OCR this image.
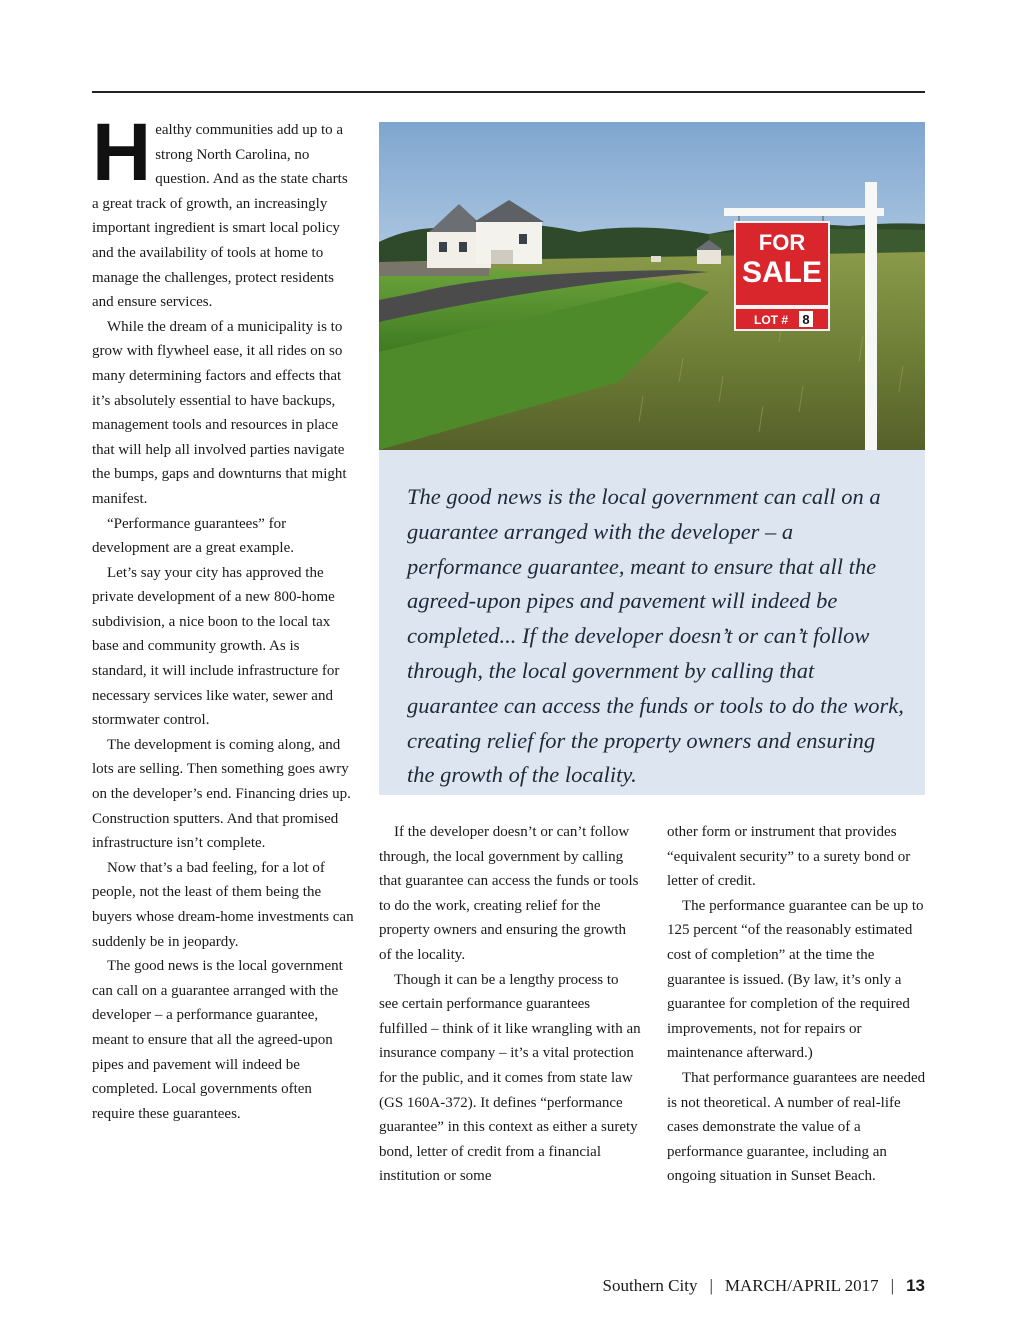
Healthy communities add up to a strong North Carolina, no question. And as the state charts a great track of growth, an increasingly important ingredient is smart local policy and the availability of tools at home to manage the challenges, protect residents and ensure services.

While the dream of a municipality is to grow with flywheel ease, it all rides on so many determining factors and effects that it’s absolutely essential to have backups, management tools and resources in place that will help all involved parties navigate the bumps, gaps and downturns that might manifest.

“Performance guarantees” for development are a great example.

Let’s say your city has approved the private development of a new 800-home subdivision, a nice boon to the local tax base and community growth. As is standard, it will include infrastructure for necessary services like water, sewer and stormwater control.

The development is coming along, and lots are selling. Then something goes awry on the developer’s end. Financing dries up. Construction sputters. And that promised infrastructure isn’t complete.

Now that’s a bad feeling, for a lot of people, not the least of them being the buyers whose dream-home investments can suddenly be in jeopardy.

The good news is the local government can call on a guarantee arranged with the developer – a performance guarantee, meant to ensure that all the agreed-upon pipes and pavement will indeed be completed. Local governments often require these guarantees.

FOR
SALE
LOT # 8
The good news is the local government can call on a guarantee arranged with the developer – a performance guarantee, meant to ensure that all the agreed-upon pipes and pavement will indeed be completed... If the developer doesn’t or can’t follow through, the local government by calling that guarantee can access the funds or tools to do the work, creating relief for the property owners and ensuring the growth of the locality.

If the developer doesn’t or can’t follow through, the local government by calling that guarantee can access the funds or tools to do the work, creating relief for the property owners and ensuring the growth of the locality.

Though it can be a lengthy process to see certain performance guarantees fulfilled – think of it like wrangling with an insurance company – it’s a vital protection for the public, and it comes from state law (GS 160A-372). It defines “performance guarantee” in this context as either a surety bond, letter of credit from a financial institution or some

other form or instrument that provides “equivalent security” to a surety bond or letter of credit.

The performance guarantee can be up to 125 percent “of the reasonably estimated cost of completion” at the time the guarantee is issued. (By law, it’s only a guarantee for completion of the required improvements, not for repairs or maintenance afterward.)

That performance guarantees are needed is not theoretical. A number of real-life cases demonstrate the value of a performance guarantee, including an ongoing situation in Sunset Beach.

Southern City | MARCH/APRIL 2017 | 13
